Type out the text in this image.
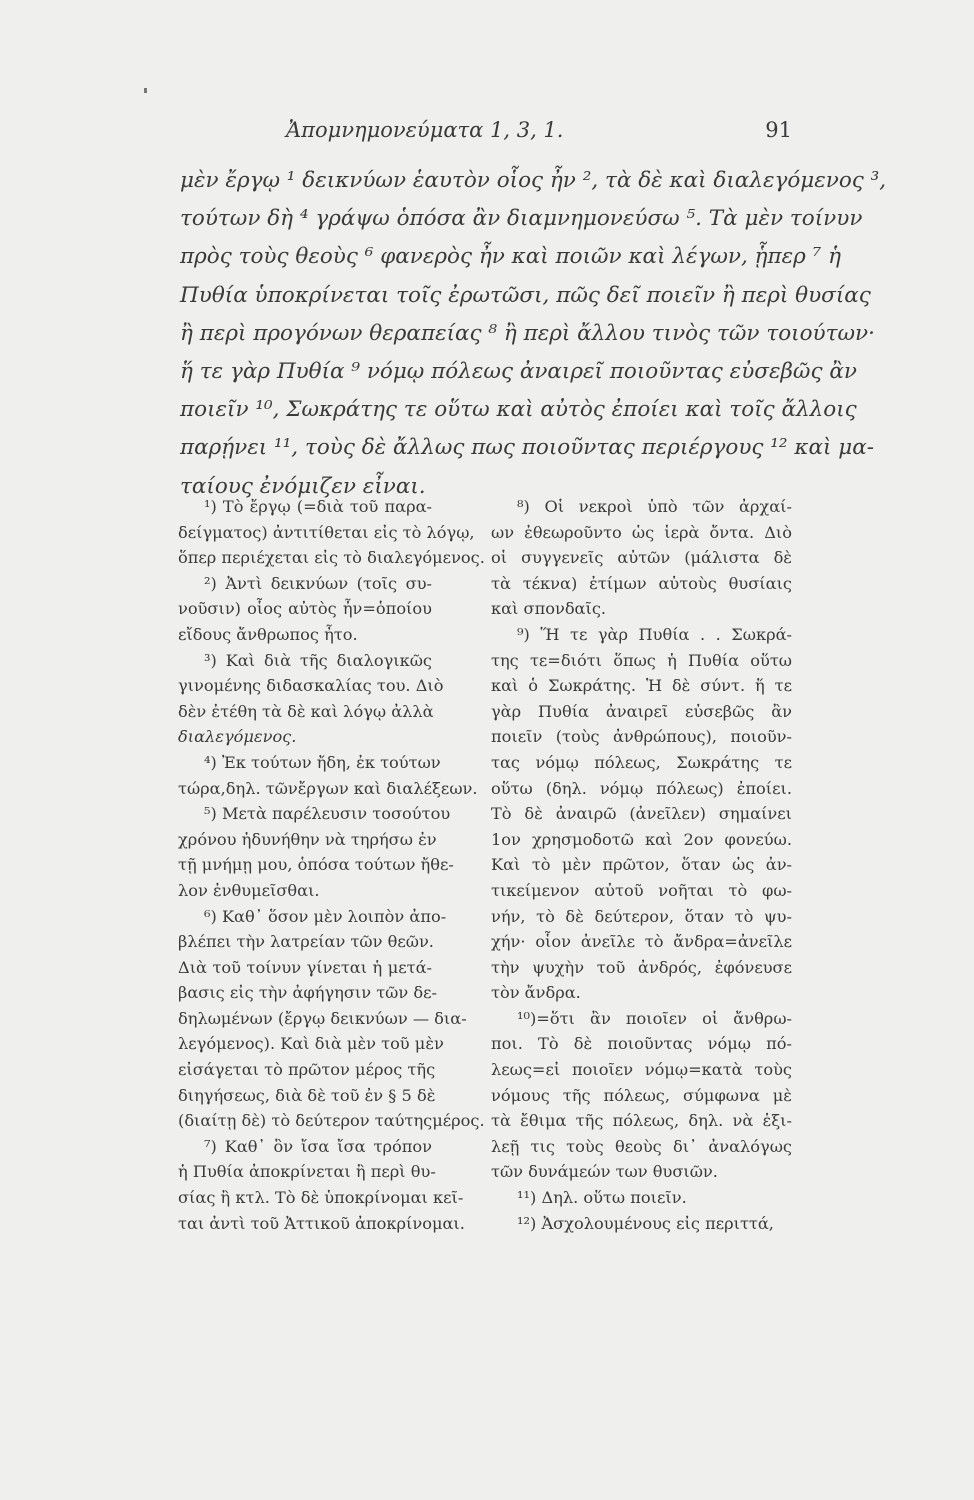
Ἀπομνημονεύματα 1, 3, 1.	91

μὲν ἔργῳ ¹ δεικνύων ἑαυτὸν οἷος ἦν ², τὰ δὲ καὶ διαλεγόμενος ³,
τούτων δὴ ⁴ γράψω ὁπόσα ἂν διαμνημονεύσω ⁵. Τὰ μὲν τοίνυν
πρὸς τοὺς θεοὺς ⁶ φανερὸς ἦν καὶ ποιῶν καὶ λέγων, ᾗπερ ⁷ ἡ
Πυθία ὑποκρίνεται τοῖς ἐρωτῶσι, πῶς δεῖ ποιεῖν ἢ περὶ θυσίας
ἢ περὶ προγόνων θεραπείας ⁸ ἢ περὶ ἄλλου τινὸς τῶν τοιούτων·
ἥ τε γὰρ Πυθία ⁹ νόμῳ πόλεως ἀναιρεῖ ποιοῦντας εὐσεβῶς ἂν
ποιεῖν ¹⁰, Σωκράτης τε οὕτω καὶ αὐτὸς ἐποίει καὶ τοῖς ἄλλοις
παρῄνει ¹¹, τοὺς δὲ ἄλλως πως ποιοῦντας περιέργους ¹² καὶ μα-
ταίους ἐνόμιζεν εἶναι.

¹) Τὸ ἔργῳ (=διὰ τοῦ παρα-
δείγματος) ἀντιτίθεται εἰς τὸ λόγῳ,
ὅπερ περιέχεται εἰς τὸ διαλεγόμενος.
²) Ἀντὶ δεικνύων (τοῖς συ-
νοῦσιν) οἷος αὐτὸς ἦν=ὁποίου
εἴδους ἄνθρωπος ἦτο.
³) Καὶ διὰ τῆς διαλογικῶς
γινομένης διδασκαλίας του. Διὸ
δὲν ἐτέθη τὰ δὲ καὶ λόγῳ ἀλλὰ
διαλεγόμενος.
⁴) Ἐκ τούτων ἤδη, ἐκ τούτων
τώρα,δηλ. τῶνἔργων καὶ διαλέξεων.
⁵) Μετὰ παρέλευσιν τοσούτου
χρόνου ἠδυνήθην νὰ τηρήσω ἐν
τῇ μνήμῃ μου, ὁπόσα τούτων ἤθε-
λον ἐνθυμεῖσθαι.
⁶) Καθ᾽ ὅσον μὲν λοιπὸν ἀπο-
βλέπει τὴν λατρείαν τῶν θεῶν.
Διὰ τοῦ τοίνυν γίνεται ἡ μετά-
βασις εἰς τὴν ἀφήγησιν τῶν δε-
δηλωμένων (ἔργῳ δεικνύων — δια-
λεγόμενος). Καὶ διὰ μὲν τοῦ μὲν
εἰσάγεται τὸ πρῶτον μέρος τῆς
διηγήσεως, διὰ δὲ τοῦ ἐν § 5 δὲ
(διαίτῃ δὲ) τὸ δεύτερον ταύτηςμέρος.
⁷) Καθ᾽ ὃν ἴσα ἴσα τρόπον
ἡ Πυθία ἀποκρίνεται ἢ περὶ θυ-
σίας ἢ κτλ. Τὸ δὲ ὑποκρίνομαι κεῖ-
ται ἀντὶ τοῦ Ἀττικοῦ ἀποκρίνομαι.
⁸) Οἱ νεκροὶ ὑπὸ τῶν ἀρχαί-
ων ἐθεωροῦντο ὡς ἱερὰ ὄντα. Διὸ
οἱ συγγενεῖς αὐτῶν (μάλιστα δὲ
τὰ τέκνα) ἐτίμων αὐτοὺς θυσίαις
καὶ σπονδαῖς.
⁹) Ἥ τε γὰρ Πυθία . . Σωκρά-
της τε=διότι ὅπως ἡ Πυθία οὕτω
καὶ ὁ Σωκράτης. Ἡ δὲ σύντ. ἥ τε
γὰρ Πυθία ἀναιρεῖ εὐσεβῶς ἂν
ποιεῖν (τοὺς ἀνθρώπους), ποιοῦν-
τας νόμῳ πόλεως, Σωκράτης τε
οὕτω (δηλ. νόμῳ πόλεως) ἐποίει.
Τὸ δὲ ἀναιρῶ (ἀνεῖλεν) σημαίνει
1ον χρησμοδοτῶ καὶ 2ον φονεύω.
Καὶ τὸ μὲν πρῶτον, ὅταν ὡς ἀν-
τικείμενον αὐτοῦ νοῆται τὸ φω-
νήν, τὸ δὲ δεύτερον, ὅταν τὸ ψυ-
χήν· οἷον ἀνεῖλε τὸ ἄνδρα=ἀνεῖλε
τὴν ψυχὴν τοῦ ἀνδρός, ἐφόνευσε
τὸν ἄνδρα.
¹⁰)=ὅτι ἂν ποιοῖεν οἱ ἄνθρω-
ποι. Τὸ δὲ ποιοῦντας νόμῳ πό-
λεως=εἰ ποιοῖεν νόμῳ=κατὰ τοὺς
νόμους τῆς πόλεως, σύμφωνα μὲ
τὰ ἔθιμα τῆς πόλεως, δηλ. νὰ ἐξι-
λεῇ τις τοὺς θεοὺς δι᾽ ἀναλόγως
τῶν δυνάμεών των θυσιῶν.
¹¹) Δηλ. οὕτω ποιεῖν.
¹²) Ἀσχολουμένους εἰς περιττά,
